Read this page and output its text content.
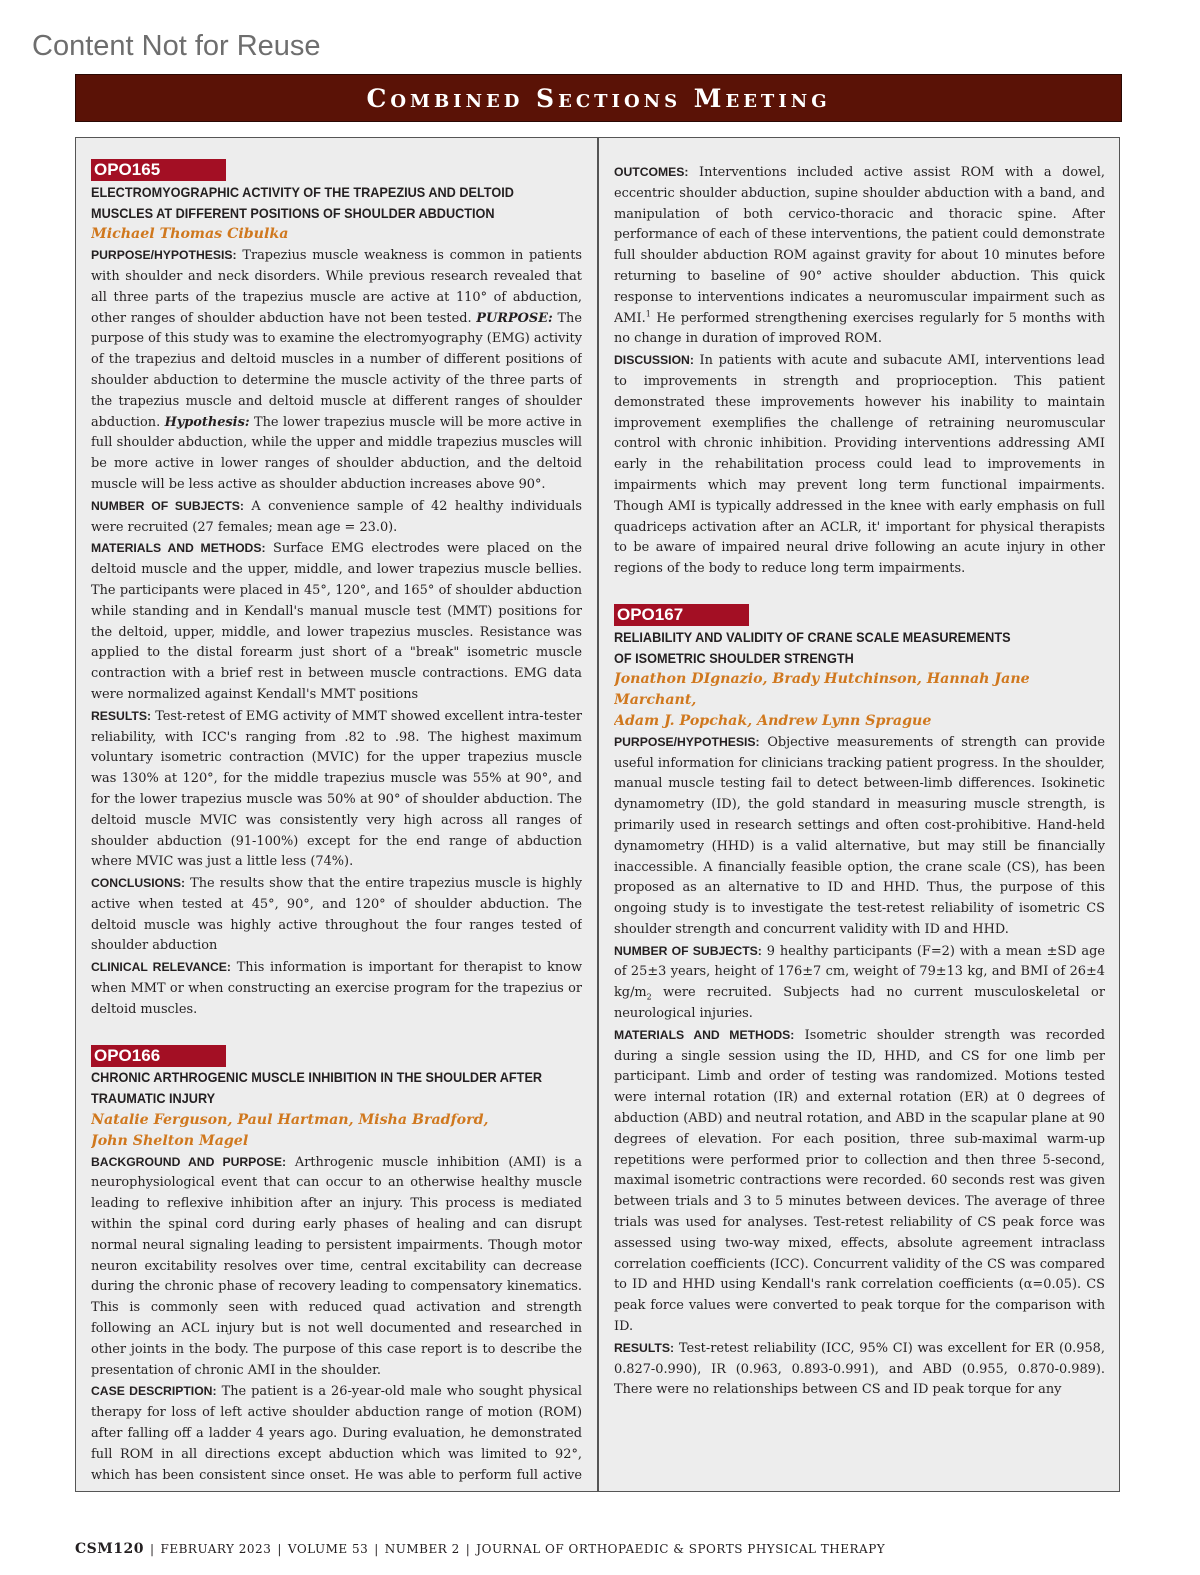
Content Not for Reuse
Combined Sections Meeting
OPO165
ELECTROMYOGRAPHIC ACTIVITY OF THE TRAPEZIUS AND DELTOID MUSCLES AT DIFFERENT POSITIONS OF SHOULDER ABDUCTION
Michael Thomas Cibulka

PURPOSE/HYPOTHESIS: Trapezius muscle weakness is common in patients with shoulder and neck disorders. While previous research revealed that all three parts of the trapezius muscle are active at 110° of abduction, other ranges of shoulder abduction have not been tested. PURPOSE: The purpose of this study was to examine the electromyography (EMG) activity of the trapezius and deltoid muscles in a number of different positions of shoulder abduction to determine the muscle activity of the three parts of the trapezius muscle and deltoid muscle at different ranges of shoulder abduction. Hypothesis: The lower trapezius muscle will be more active in full shoulder abduction, while the upper and middle trapezius muscles will be more active in lower ranges of shoulder abduction, and the deltoid muscle will be less active as shoulder abduction increases above 90°.

NUMBER OF SUBJECTS: A convenience sample of 42 healthy individuals were recruited (27 females; mean age = 23.0).

MATERIALS AND METHODS: Surface EMG electrodes were placed on the deltoid muscle and the upper, middle, and lower trapezius muscle bellies. The participants were placed in 45°, 120°, and 165° of shoulder abduction while standing and in Kendall's manual muscle test (MMT) positions for the deltoid, upper, middle, and lower trapezius muscles. Resistance was applied to the distal forearm just short of a "break" isometric muscle contraction with a brief rest in between muscle contractions. EMG data were normalized against Kendall's MMT positions

RESULTS: Test-retest of EMG activity of MMT showed excellent intra-tester reliability, with ICC's ranging from .82 to .98. The highest maximum voluntary isometric contraction (MVIC) for the upper trapezius muscle was 130% at 120°, for the middle trapezius muscle was 55% at 90°, and for the lower trapezius muscle was 50% at 90° of shoulder abduction. The deltoid muscle MVIC was consistently very high across all ranges of shoulder abduction (91-100%) except for the end range of abduction where MVIC was just a little less (74%).

CONCLUSIONS: The results show that the entire trapezius muscle is highly active when tested at 45°, 90°, and 120° of shoulder abduction. The deltoid muscle was highly active throughout the four ranges tested of shoulder abduction

CLINICAL RELEVANCE: This information is important for therapist to know when MMT or when constructing an exercise program for the trapezius or deltoid muscles.

OPO166
CHRONIC ARTHROGENIC MUSCLE INHIBITION IN THE SHOULDER AFTER TRAUMATIC INJURY
Natalie Ferguson, Paul Hartman, Misha Bradford,
John Shelton Magel

BACKGROUND AND PURPOSE: Arthrogenic muscle inhibition (AMI) is a neurophysiological event that can occur to an otherwise healthy muscle leading to reflexive inhibition after an injury. This process is mediated within the spinal cord during early phases of healing and can disrupt normal neural signaling leading to persistent impairments. Though motor neuron excitability resolves over time, central excitability can decrease during the chronic phase of recovery leading to compensatory kinematics. This is commonly seen with reduced quad activation and strength following an ACL injury but is not well documented and researched in other joints in the body. The purpose of this case report is to describe the presentation of chronic AMI in the shoulder.

CASE DESCRIPTION: The patient is a 26-year-old male who sought physical therapy for loss of left active shoulder abduction range of motion (ROM) after falling off a ladder 4 years ago. During evaluation, he demonstrated full ROM in all directions except abduction which was limited to 92°, which has been consistent since onset. He was able to perform full active

OUTCOMES: Interventions included active assist ROM with a dowel, eccentric shoulder abduction, supine shoulder abduction with a band, and manipulation of both cervico-thoracic and thoracic spine. After performance of each of these interventions, the patient could demonstrate full shoulder abduction ROM against gravity for about 10 minutes before returning to baseline of 90° active shoulder abduction. This quick response to interventions indicates a neuromuscular impairment such as AMI.$^1$ He performed strengthening exercises regularly for 5 months with no change in duration of improved ROM.

DISCUSSION: In patients with acute and subacute AMI, interventions lead to improvements in strength and proprioception. This patient demonstrated these improvements however his inability to maintain improvement exemplifies the challenge of retraining neuromuscular control with chronic inhibition. Providing interventions addressing AMI early in the rehabilitation process could lead to improvements in impairments which may prevent long term functional impairments. Though AMI is typically addressed in the knee with early emphasis on full quadriceps activation after an ACLR, it' important for physical therapists to be aware of impaired neural drive following an acute injury in other regions of the body to reduce long term impairments.

OPO167
RELIABILITY AND VALIDITY OF CRANE SCALE MEASUREMENTS
OF ISOMETRIC SHOULDER STRENGTH
Jonathon DIgnazio, Brady Hutchinson, Hannah Jane Marchant,
Adam J. Popchak, Andrew Lynn Sprague

PURPOSE/HYPOTHESIS: Objective measurements of strength can provide useful information for clinicians tracking patient progress. In the shoulder, manual muscle testing fail to detect between-limb differences. Isokinetic dynamometry (ID), the gold standard in measuring muscle strength, is primarily used in research settings and often cost-prohibitive. Hand-held dynamometry (HHD) is a valid alternative, but may still be financially inaccessible. A financially feasible option, the crane scale (CS), has been proposed as an alternative to ID and HHD. Thus, the purpose of this ongoing study is to investigate the test-retest reliability of isometric CS shoulder strength and concurrent validity with ID and HHD.

NUMBER OF SUBJECTS: 9 healthy participants (F=2) with a mean ±SD age of 25±3 years, height of 176±7 cm, weight of 79±13 kg, and BMI of 26±4 $kg/m_2$ were recruited. Subjects had no current musculoskeletal or neurological injuries.

MATERIALS AND METHODS: Isometric shoulder strength was recorded during a single session using the ID, HHD, and CS for one limb per participant. Limb and order of testing was randomized. Motions tested were internal rotation (IR) and external rotation (ER) at 0 degrees of abduction (ABD) and neutral rotation, and ABD in the scapular plane at 90 degrees of elevation. For each position, three sub-maximal warm-up repetitions were performed prior to collection and then three 5-second, maximal isometric contractions were recorded. 60 seconds rest was given between trials and 3 to 5 minutes between devices. The average of three trials was used for analyses. Test-retest reliability of CS peak force was assessed using two-way mixed, effects, absolute agreement intraclass correlation coefficients (ICC). Concurrent validity of the CS was compared to ID and HHD using Kendall's rank correlation coefficients (α=0.05). CS peak force values were converted to peak torque for the comparison with ID.

RESULTS: Test-retest reliability (ICC, 95% CI) was excellent for ER (0.958, 0.827-0.990), IR (0.963, 0.893-0.991), and ABD (0.955, 0.870-0.989). There were no relationships between CS and ID peak torque for any

CSM120 | FEBRUARY 2023 | VOLUME 53 | NUMBER 2 | JOURNAL OF ORTHOPAEDIC & SPORTS PHYSICAL THERAPY
